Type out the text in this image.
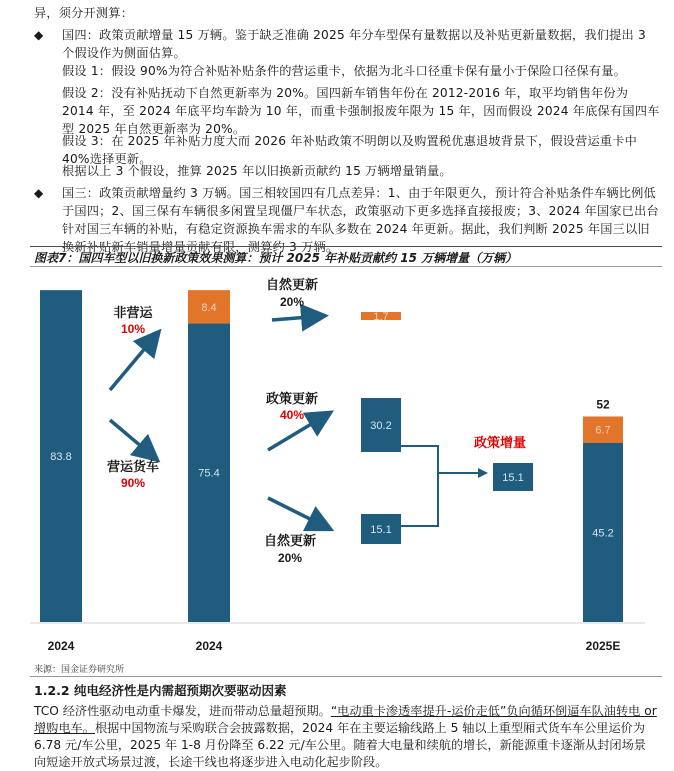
异，须分开测算：

◆ 国四：政策贡献增量 15 万辆。鉴于缺乏准确 2025 年分车型保有量数据以及补贴更新量数据，我们提出 3 个假设作为侧面估算。

假设 1：假设 90%为符合补贴补贴条件的营运重卡，依据为北斗口径重卡保有量小于保险口径保有量。

假设 2：没有补贴抚动下自然更新率为 20%。国四新车销售年份在 2012-2016 年，取平均销售年份为 2014 年，至 2024 年底平均车龄为 10 年，而重卡强制报废年限为 15 年，因而假设 2024 年底保有国四车型 2025 年自然更新率为 20%。

假设 3：在 2025 年补贴力度大而 2026 年补贴政策不明朗以及购置税优惠退坡背景下，假设营运重卡中 40%选择更新。

根据以上 3 个假设，推算 2025 年以旧换新贡献约 15 万辆增量销量。

◆ 国三：政策贡献增量约 3 万辆。国三相较国四有几点差异：1、由于年限更久，预计符合补贴条件车辆比例低于国四；2、国三保有车辆很多闲置呈现僵尸车状态，政策驱动下更多选择直接报废；3、2024 年国家已出台针对国三车辆的补贴，有稳定资源换车需求的车队多数在 2024 年更新。据此，我们判断 2025 年国三以旧换新补贴新车销量增量贡献有限，测算约 3 万辆。

图表7：国四车型以旧换新政策效果测算：预计 2025 年补贴贡献约 15 万辆增量（万辆）
83.8
2024
75.4
8.4
2024
1.7
30.2
15.1
15.1
45.2
6.7
52
2025E
非营运
10%
营运货车
90%
自然更新
20%
政策更新
40%
自然更新
20%
政策增量
来源：国金证券研究所
1.2.2 纯电经济性是内需超预期次要驱动因素

TCO 经济性驱动电动重卡爆发，进而带动总量超预期。“电动重卡渗透率提升-运价走低”负向循环倒逼车队油转电 or 增购电车。根据中国物流与采购联合会披露数据，2024 年在主要运输线路上 5 轴以上重型厢式货车车公里运价为 6.78 元/车公里，2025 年 1-8 月份降至 6.22 元/车公里。随着大电量和续航的增长，新能源重卡逐渐从封闭场景向短途开放式场景过渡，长途干线也将逐步进入电动化起步阶段。
